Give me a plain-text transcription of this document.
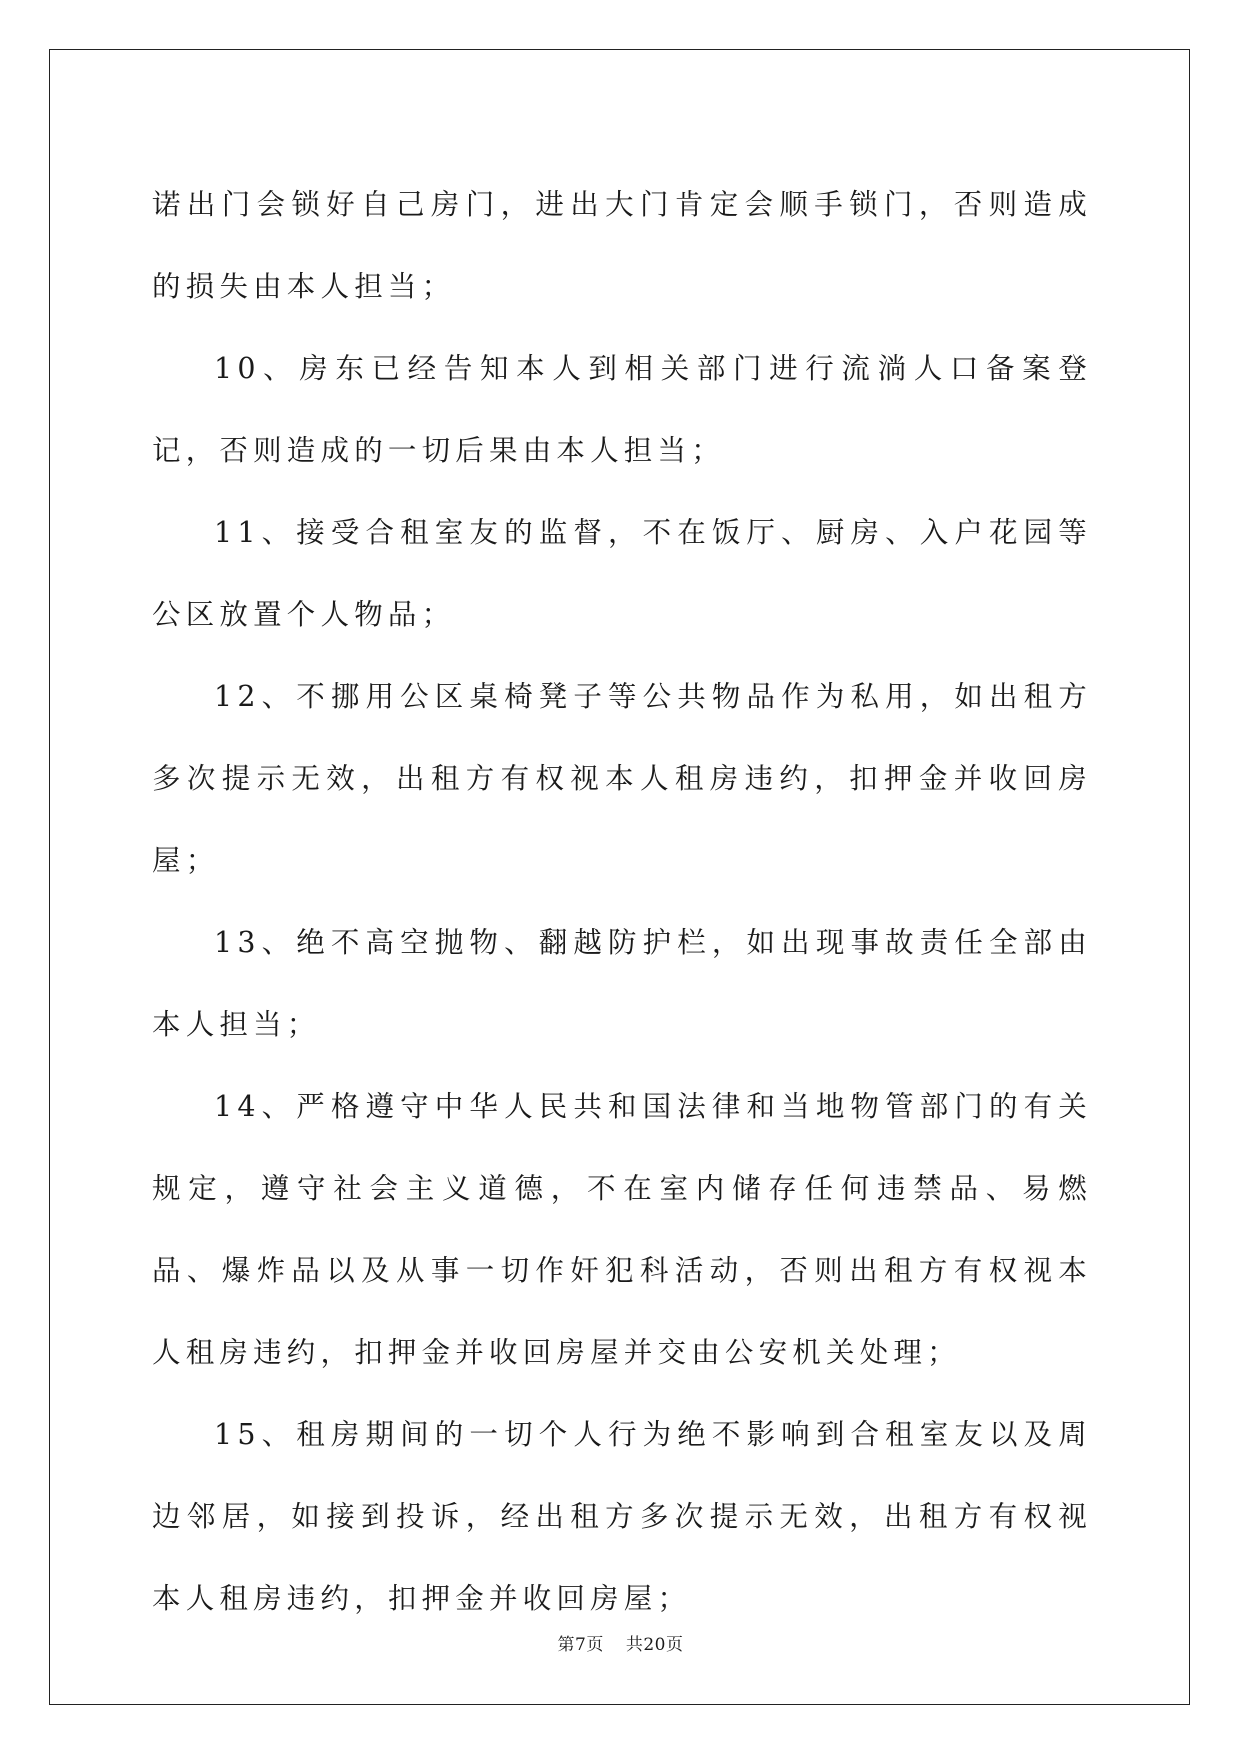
诺出门会锁好自己房门，进出大门肯定会顺手锁门，否则造成的损失由本人担当；

10、房东已经告知本人到相关部门进行流淌人口备案登记，否则造成的一切后果由本人担当；

11、接受合租室友的监督，不在饭厅、厨房、入户花园等公区放置个人物品；

12、不挪用公区桌椅凳子等公共物品作为私用，如出租方多次提示无效，出租方有权视本人租房违约，扣押金并收回房屋；

13、绝不高空抛物、翻越防护栏，如出现事故责任全部由本人担当；

14、严格遵守中华人民共和国法律和当地物管部门的有关规定，遵守社会主义道德，不在室内储存任何违禁品、易燃品、爆炸品以及从事一切作奸犯科活动，否则出租方有权视本人租房违约，扣押金并收回房屋并交由公安机关处理；

15、租房期间的一切个人行为绝不影响到合租室友以及周边邻居，如接到投诉，经出租方多次提示无效，出租方有权视本人租房违约，扣押金并收回房屋；

第7页 共20页
